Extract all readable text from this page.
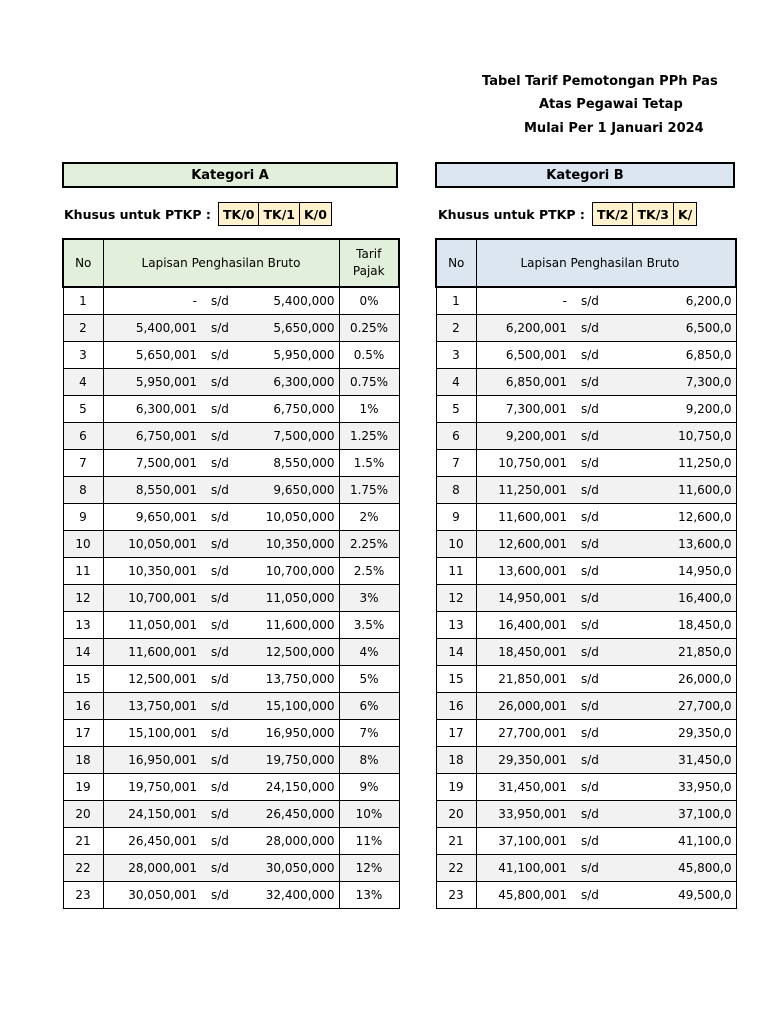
Tabel Tarif Pemotongan PPh Pas
Atas Pegawai Tetap
Mulai Per 1 Januari 2024
Kategori A
Khusus untuk PTKP : TK/0 TK/1 K/0
No	Lapisan Penghasilan Bruto			Tarif Pajak
1	-	s/d	5,400,000	0%
2	5,400,001	s/d	5,650,000	0.25%
3	5,650,001	s/d	5,950,000	0.5%
4	5,950,001	s/d	6,300,000	0.75%
5	6,300,001	s/d	6,750,000	1%
6	6,750,001	s/d	7,500,000	1.25%
7	7,500,001	s/d	8,550,000	1.5%
8	8,550,001	s/d	9,650,000	1.75%
9	9,650,001	s/d	10,050,000	2%
10	10,050,001	s/d	10,350,000	2.25%
11	10,350,001	s/d	10,700,000	2.5%
12	10,700,001	s/d	11,050,000	3%
13	11,050,001	s/d	11,600,000	3.5%
14	11,600,001	s/d	12,500,000	4%
15	12,500,001	s/d	13,750,000	5%
16	13,750,001	s/d	15,100,000	6%
17	15,100,001	s/d	16,950,000	7%
18	16,950,001	s/d	19,750,000	8%
19	19,750,001	s/d	24,150,000	9%
20	24,150,001	s/d	26,450,000	10%
21	26,450,001	s/d	28,000,000	11%
22	28,000,001	s/d	30,050,000	12%
23	30,050,001	s/d	32,400,000	13%
Kategori B
Khusus untuk PTKP : TK/2 TK/3 K/
No	Lapisan Penghasilan Bruto		
1	-	s/d	6,200,0
2	6,200,001	s/d	6,500,0
3	6,500,001	s/d	6,850,0
4	6,850,001	s/d	7,300,0
5	7,300,001	s/d	9,200,0
6	9,200,001	s/d	10,750,0
7	10,750,001	s/d	11,250,0
8	11,250,001	s/d	11,600,0
9	11,600,001	s/d	12,600,0
10	12,600,001	s/d	13,600,0
11	13,600,001	s/d	14,950,0
12	14,950,001	s/d	16,400,0
13	16,400,001	s/d	18,450,0
14	18,450,001	s/d	21,850,0
15	21,850,001	s/d	26,000,0
16	26,000,001	s/d	27,700,0
17	27,700,001	s/d	29,350,0
18	29,350,001	s/d	31,450,0
19	31,450,001	s/d	33,950,0
20	33,950,001	s/d	37,100,0
21	37,100,001	s/d	41,100,0
22	41,100,001	s/d	45,800,0
23	45,800,001	s/d	49,500,0
